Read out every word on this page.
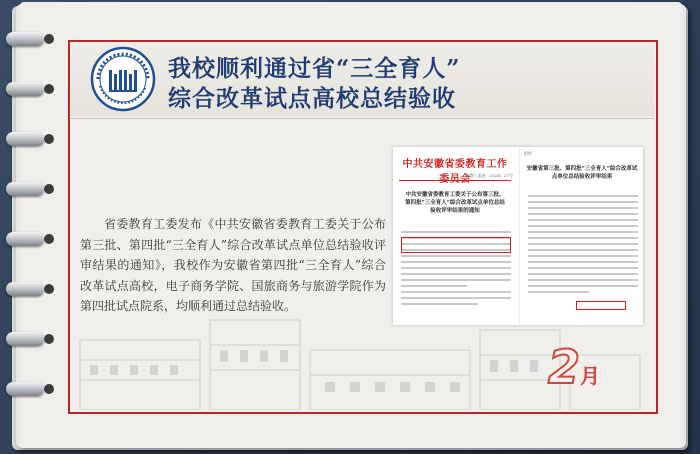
我校顺利通过省“三全育人”
综合改革试点高校总结验收
省委教育工委发布《中共安徽省委教育工委关于公布第三批、第四批“三全育人”综合改革试点单位总结验收评审结果的通知》，我校作为安徽省第四批“三全育人”综合改革试点高校，电子商务学院、国旅商务与旅游学院作为第四批试点院系，均顺利通过总结验收。
中共安徽省委教育工作
皖教工委函〔2024〕27号
中共安徽省委教育工委关于公布第三批、第四批“三全育人”综合改革试点单位总结验收评审结果的通知
附件
安徽省第三批、第四批“三全育人”综合改革试点单位总结验收评审结果
2月
